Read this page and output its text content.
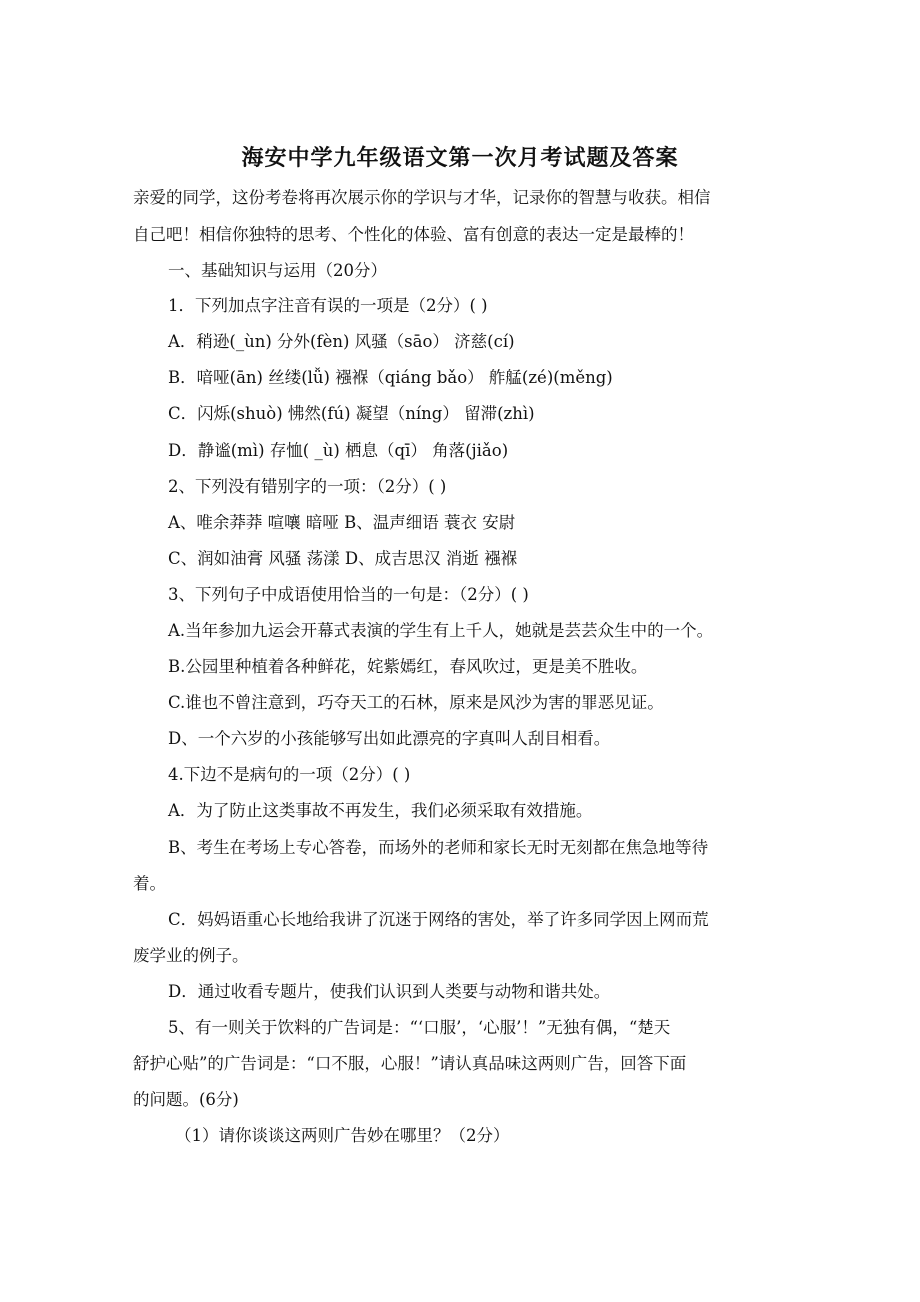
海安中学九年级语文第一次月考试题及答案

亲爱的同学，这份考卷将再次展示你的学识与才华，记录你的智慧与收获。相信

自己吧！相信你独特的思考、个性化的体验、富有创意的表达一定是最棒的！

一、基础知识与运用（20分）

1．下列加点字注音有误的一项是（2分）( )

A．稍逊(_ùn) 分外(fèn) 风骚（sāo） 济慈(cí)

B．喑哑(ān) 丝缕(lǚ) 襁褓（qiáng bǎo） 舴艋(zé)(měng)

C．闪烁(shuò) 怫然(fú) 凝望（níng） 留滞(zhì)

D．静谧(mì) 存恤( _ù) 栖息（qī） 角落(jiǎo)

2、下列没有错别字的一项：（2分）( )

A、唯余莽莽 喧嚷 暗哑 B、温声细语 蓑衣 安尉

C、润如油膏 风骚 荡漾 D、成吉思汉 消逝 襁褓

3、下列句子中成语使用恰当的一句是：（2分）( )

A.当年参加九运会开幕式表演的学生有上千人，她就是芸芸众生中的一个。

B.公园里种植着各种鲜花，姹紫嫣红，春风吹过，更是美不胜收。

C.谁也不曾注意到，巧夺天工的石林，原来是风沙为害的罪恶见证。

D、一个六岁的小孩能够写出如此漂亮的字真叫人刮目相看。

4.下边不是病句的一项（2分）( )

A．为了防止这类事故不再发生，我们必须采取有效措施。

B、考生在考场上专心答卷，而场外的老师和家长无时无刻都在焦急地等待

着。

C．妈妈语重心长地给我讲了沉迷于网络的害处，举了许多同学因上网而荒

废学业的例子。

D．通过收看专题片，使我们认识到人类要与动物和谐共处。

5、有一则关于饮料的广告词是：“‘口服’，‘心服’！”无独有偶，“楚天

舒护心贴”的广告词是：“口不服，心服！”请认真品味这两则广告，回答下面

的问题。(6分)

（1）请你谈谈这两则广告妙在哪里？（2分）
